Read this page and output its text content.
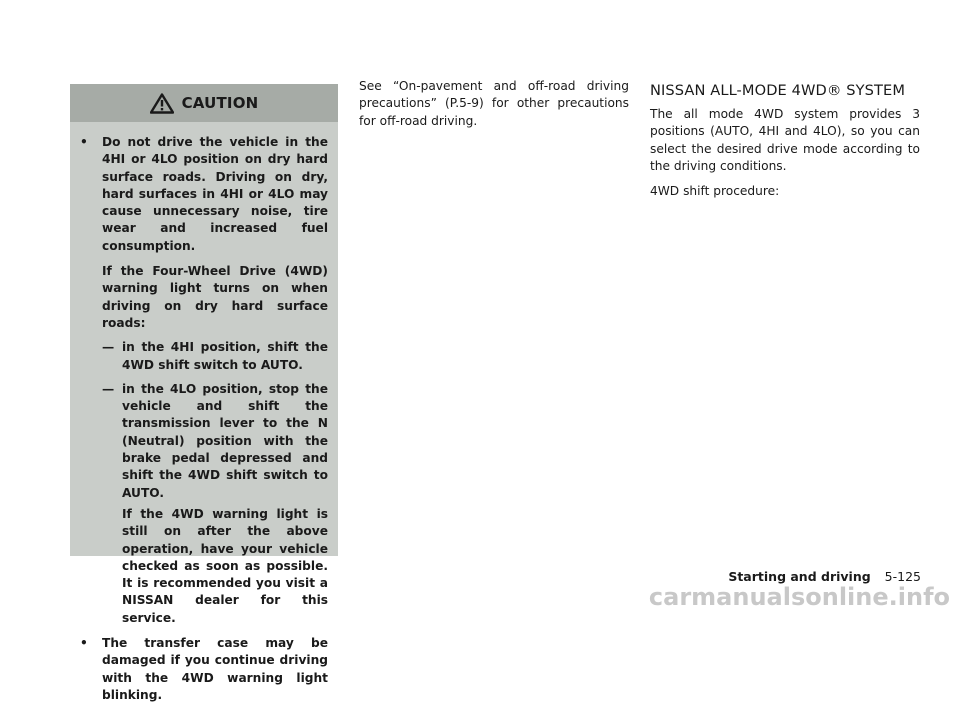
CAUTION
•	Do not drive the vehicle in the 4HI or 4LO position on dry hard surface roads. Driving on dry, hard surfaces in 4HI or 4LO may cause unnecessary noise, tire wear and increased fuel consumption.

If the Four-Wheel Drive (4WD) warning light turns on when driving on dry hard surface roads:

— in the 4HI position, shift the 4WD shift switch to AUTO.

— in the 4LO position, stop the vehicle and shift the transmission lever to the N (Neutral) position with the brake pedal depressed and shift the 4WD shift switch to AUTO.

If the 4WD warning light is still on after the above operation, have your vehicle checked as soon as possible. It is recommended you visit a NISSAN dealer for this service.

•	The transfer case may be damaged if you continue driving with the 4WD warning light blinking.

See “On-pavement and off-road driving precautions” (P.5-9) for other precautions for off-road driving.

NISSAN ALL-MODE 4WD® SYSTEM

The all mode 4WD system provides 3 positions (AUTO, 4HI and 4LO), so you can select the desired drive mode according to the driving conditions.

4WD shift procedure:

Starting and driving 5-125
carmanualsonline.info
